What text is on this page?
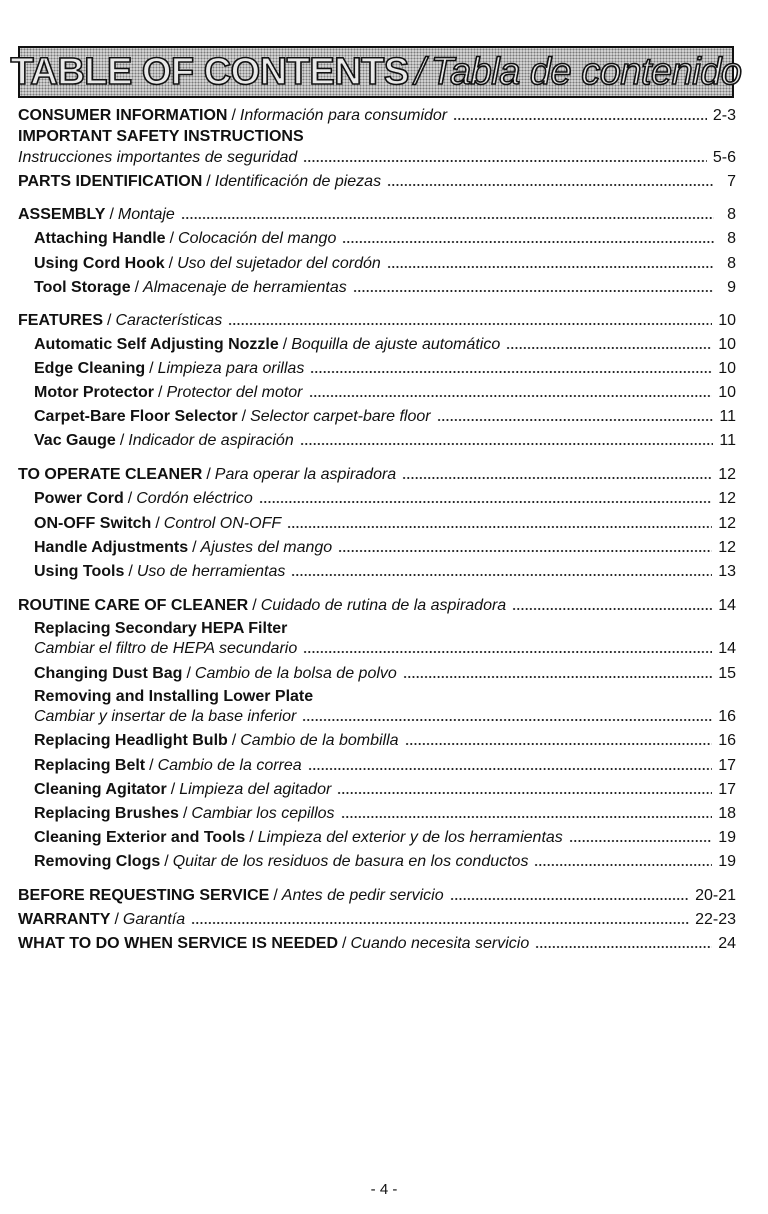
TABLE OF CONTENTS / Tabla de contenido
CONSUMER INFORMATION / Información para consumidor	2-3
IMPORTANT SAFETY INSTRUCTIONS
Instrucciones importantes de seguridad	5-6
PARTS IDENTIFICATION / Identificación de piezas	7
ASSEMBLY / Montaje	8
Attaching Handle / Colocación del mango	8
Using Cord Hook / Uso del sujetador del cordón	8
Tool Storage / Almacenaje de herramientas	9
FEATURES / Características	10
Automatic Self Adjusting Nozzle / Boquilla de ajuste automático	10
Edge Cleaning / Limpieza para orillas	10
Motor Protector / Protector del motor	10
Carpet-Bare Floor Selector / Selector carpet-bare floor	11
Vac Gauge / Indicador de aspiración	11
TO OPERATE CLEANER / Para operar la aspiradora	12
Power Cord / Cordón eléctrico	12
ON-OFF Switch / Control ON-OFF	12
Handle Adjustments / Ajustes del mango	12
Using Tools / Uso de herramientas	13
ROUTINE CARE OF CLEANER / Cuidado de rutina de la aspiradora	14
Replacing Secondary HEPA Filter
Cambiar el filtro de HEPA secundario	14
Changing Dust Bag / Cambio de la bolsa de polvo	15
Removing and Installing Lower Plate
Cambiar y insertar de la base inferior	16
Replacing Headlight Bulb / Cambio de la bombilla	16
Replacing Belt / Cambio de la correa	17
Cleaning Agitator / Limpieza del agitador	17
Replacing Brushes / Cambiar los cepillos	18
Cleaning Exterior and Tools / Limpieza del exterior y de los herramientas	19
Removing Clogs / Quitar de los residuos de basura en los conductos	19
BEFORE REQUESTING SERVICE / Antes de pedir servicio	20-21
WARRANTY / Garantía	22-23
WHAT TO DO WHEN SERVICE IS NEEDED / Cuando necesita servicio	24
- 4 -
